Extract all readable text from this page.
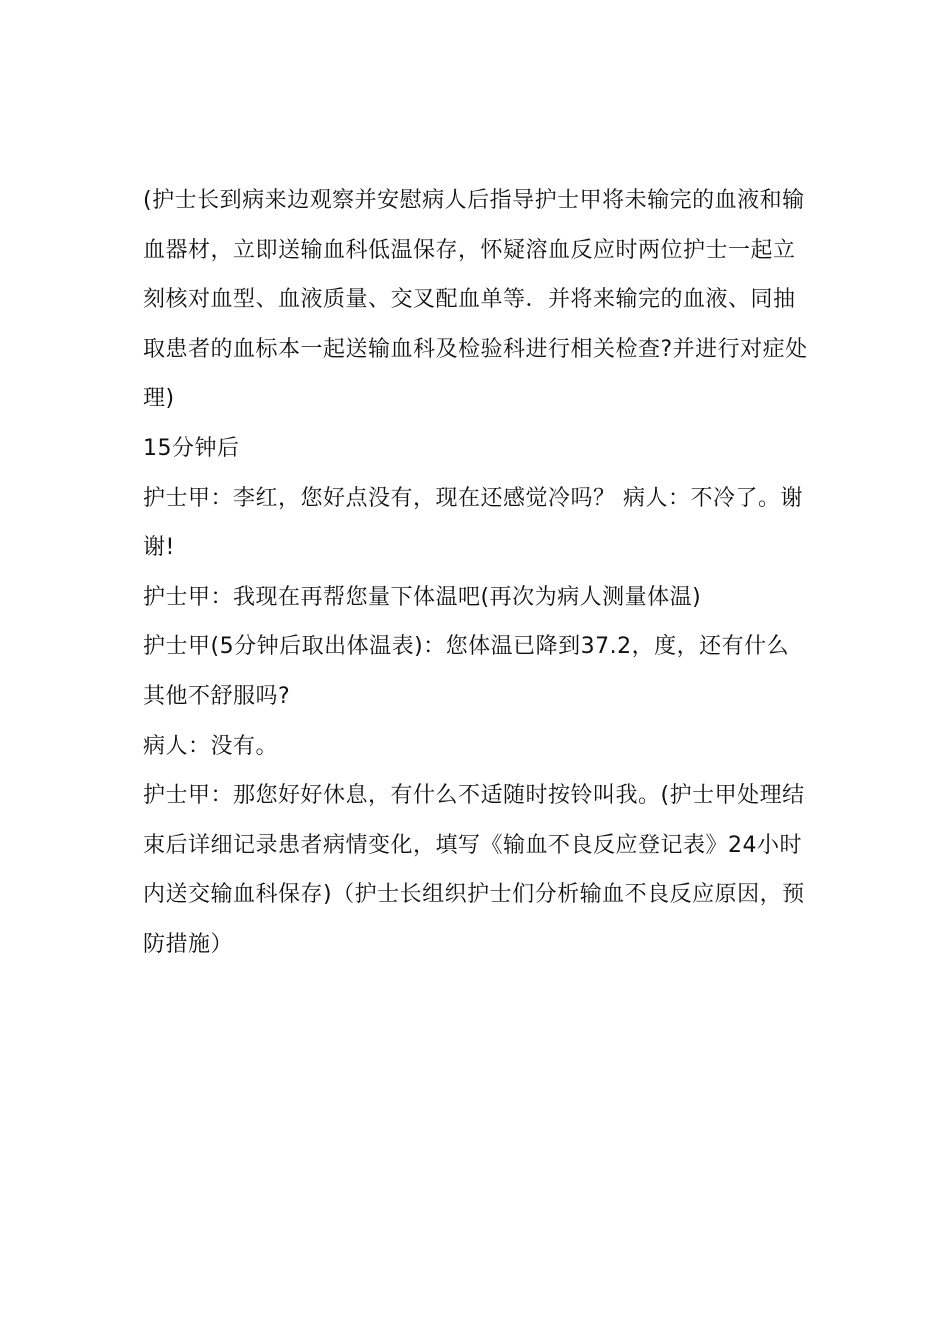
(护士长到病来边观察并安慰病人后指导护士甲将未输完的血液和输血器材，立即送输血科低温保存，怀疑溶血反应时两位护士一起立刻核对血型、血液质量、交叉配血单等．并将来输完的血液、同抽取患者的血标本一起送输血科及检验科进行相关检查?并进行对症处理)

15分钟后

护士甲：李红，您好点没有，现在还感觉冷吗？ 病人：不冷了。谢谢!

护士甲：我现在再帮您量下体温吧(再次为病人测量体温)

护士甲(5分钟后取出体温表)：您体温已降到37.2，度，还有什么其他不舒服吗?

病人：没有。

护士甲：那您好好休息，有什么不适随时按铃叫我。(护士甲处理结束后详细记录患者病情变化，填写《输血不良反应登记表》24小时内送交输血科保存)（护士长组织护士们分析输血不良反应原因，预防措施）
